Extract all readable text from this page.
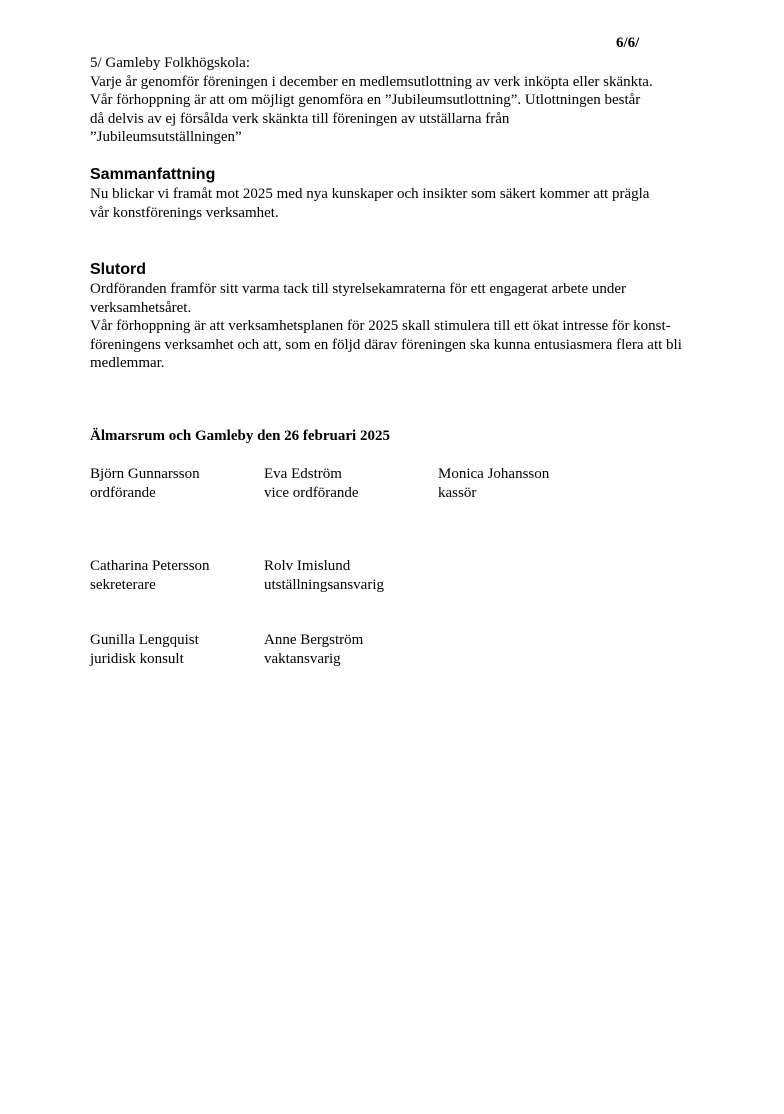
6/6/
5/ Gamleby Folkhögskola:
Varje år genomför föreningen i december en medlemsutlottning av verk inköpta eller skänkta.
Vår förhoppning är att om möjligt genomföra en ”Jubileumsutlottning”. Utlottningen består
då delvis av ej försålda verk skänkta till föreningen av utställarna från
”Jubileumsutställningen”
Sammanfattning
Nu blickar vi framåt mot 2025 med nya kunskaper och insikter som säkert kommer att prägla
vår konstförenings verksamhet.
Slutord
Ordföranden framför sitt varma tack till styrelsekamraterna för ett engagerat arbete under
verksamhetsåret.
Vår förhoppning är att verksamhetsplanen för 2025 skall stimulera till ett ökat intresse för konst-
föreningens verksamhet och att, som en följd därav föreningen ska kunna entusiasmera flera att bli
medlemmar.
Älmarsrum och Gamleby den 26 februari 2025
Björn Gunnarsson
ordförande
Eva Edström
vice ordförande
Monica Johansson
kassör
Catharina Petersson
sekreterare
Rolv Imislund
utställningsansvarig
Gunilla Lengquist
juridisk konsult
Anne Bergström
vaktansvarig
